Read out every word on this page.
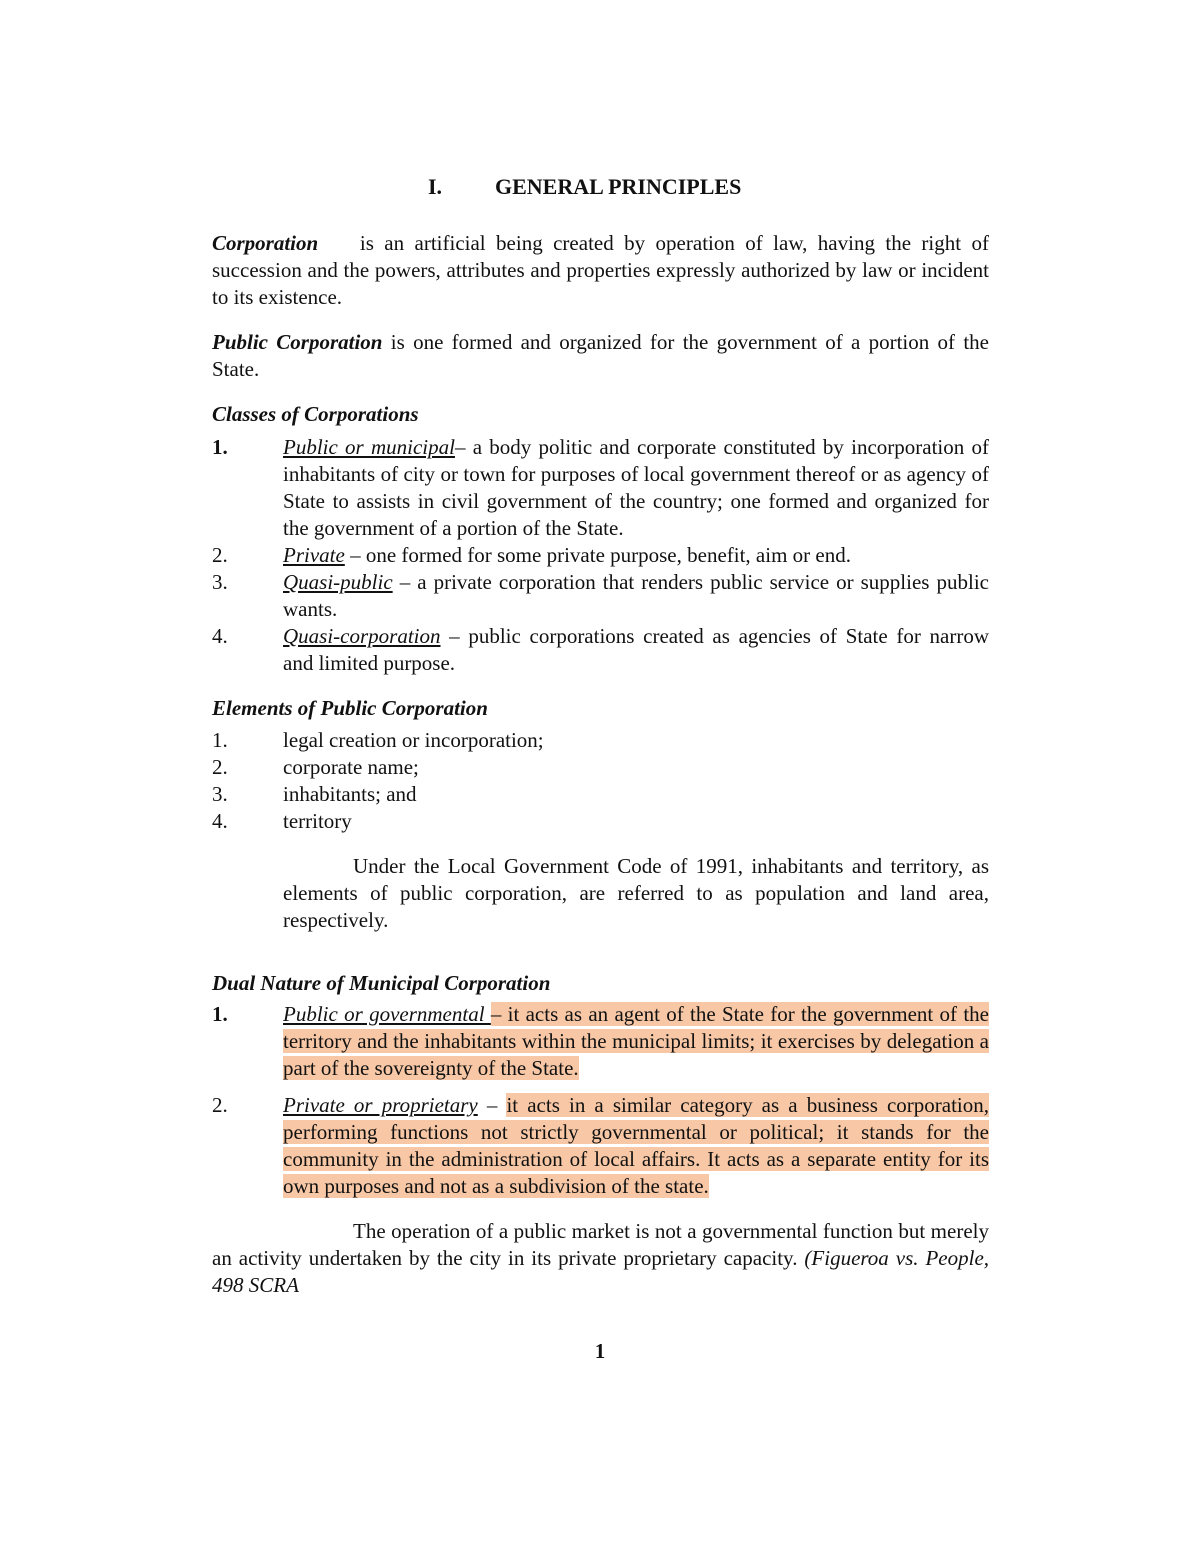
I. GENERAL PRINCIPLES

Corporation is an artificial being created by operation of law, having the right of succession and the powers, attributes and properties expressly authorized by law or incident to its existence.

Public Corporation is one formed and organized for the government of a portion of the State.

Classes of Corporations

1.	Public or municipal– a body politic and corporate constituted by incorporation of inhabitants of city or town for purposes of local government thereof or as agency of State to assists in civil government of the country; one formed and organized for the government of a portion of the State.
2.	Private – one formed for some private purpose, benefit, aim or end.
3.	Quasi-public – a private corporation that renders public service or supplies public wants.
4.	Quasi-corporation – public corporations created as agencies of State for narrow and limited purpose.

Elements of Public Corporation

1.	legal creation or incorporation;
2.	corporate name;
3.	inhabitants; and
4.	territory

Under the Local Government Code of 1991, inhabitants and territory, as elements of public corporation, are referred to as population and land area, respectively.

Dual Nature of Municipal Corporation

1.	Public or governmental – it acts as an agent of the State for the government of the territory and the inhabitants within the municipal limits; it exercises by delegation a part of the sovereignty of the State.
2.	Private or proprietary – it acts in a similar category as a business corporation, performing functions not strictly governmental or political; it stands for the community in the administration of local affairs. It acts as a separate entity for its own purposes and not as a subdivision of the state.

The operation of a public market is not a governmental function but merely an activity undertaken by the city in its private proprietary capacity. (Figueroa vs. People, 498 SCRA

1
